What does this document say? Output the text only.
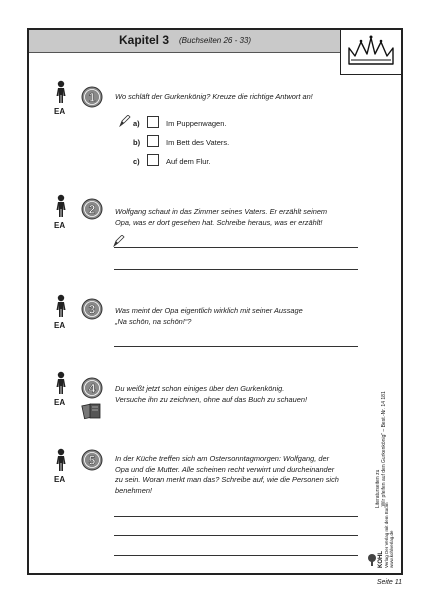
Kapitel 3 (Buchseiten 26 - 33)
EA
1	Wo schläft der Gurkenkönig? Kreuze die richtige Antwort an!
a)	Im Puppenwagen.
b)	Im Bett des Vaters.
c)	Auf dem Flur.
EA
2	Wolfgang schaut in das Zimmer seines Vaters. Er erzählt seinem
Opa, was er dort gesehen hat. Schreibe heraus, was er erzählt!
EA
3	Was meint der Opa eigentlich wirklich mit seiner Aussage
„Na schön, na schön!“?
EA
4	Du weißt jetzt schon einiges über den Gurkenkönig.
Versuche ihn zu zeichnen, ohne auf das Buch zu schauen!
EA
5	In der Küche treffen sich am Ostersonntagmorgen: Wolfgang, der
Opa und die Mutter. Alle scheinen recht verwirrt und durcheinander
zu sein. Woran merkt man das? Schreibe auf, wie die Personen sich
benehmen!	Literaturseiten zu „Wir pfeifen auf den Gurkenkönig“ – Best.-Nr. 14 181
KOHL Verlag Der Verlag mit dem Baum www.kohlverlag.de
Seite 11
